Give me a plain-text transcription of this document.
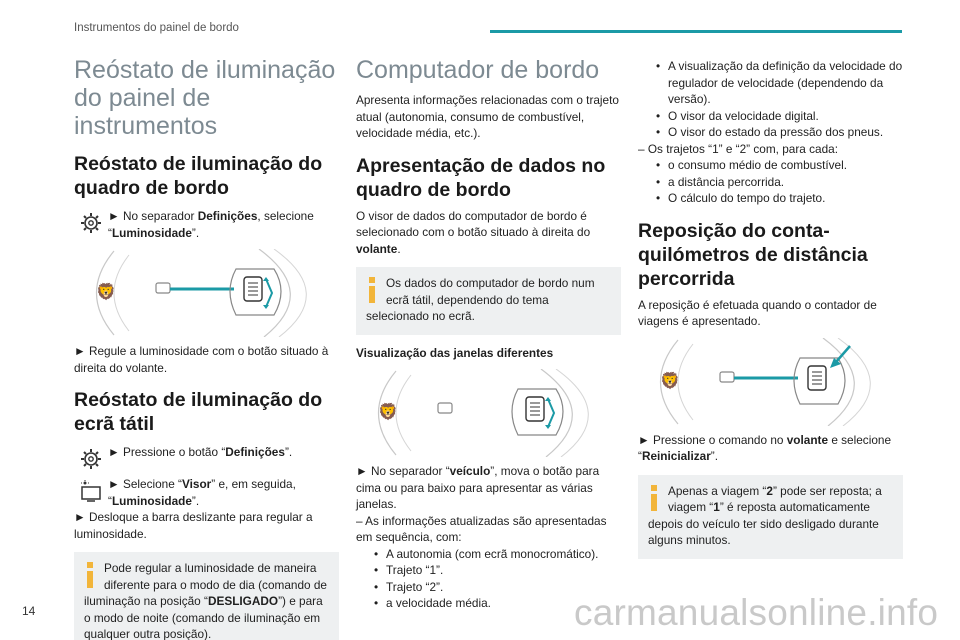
Instrumentos do painel de bordo
Reóstato de iluminação do painel de instrumentos
Reóstato de iluminação do quadro de bordo
► No separador Definições, selecione “Luminosidade”.
🦁

► Regule a luminosidade com o botão situado à direita do volante.

Reóstato de iluminação do ecrã tátil
► Pressione o botão “Definições”.
► Selecione “Visor” e, em seguida, “Luminosidade”.

► Desloque a barra deslizante para regular a luminosidade.

Pode regular a luminosidade de maneira diferente para o modo de dia (comando de iluminação na posição “DESLIGADO”) e para o modo de noite (comando de iluminação em qualquer outra posição).
Computador de bordo

Apresenta informações relacionadas com o trajeto atual (autonomia, consumo de combustível, velocidade média, etc.).

Apresentação de dados no quadro de bordo

O visor de dados do computador de bordo é selecionado com o botão situado à direita do volante.

Os dados do computador de bordo num ecrã tátil, dependendo do tema selecionado no ecrã.

Visualização das janelas diferentes

🦁

► No separador “veículo”, mova o botão para cima ou para baixo para apresentar as várias janelas.

– As informações atualizadas são apresentadas em sequência, com:

• A autonomia (com ecrã monocromático).
• Trajeto “1”.
• Trajeto “2”.
• a velocidade média.
• A visualização da definição da velocidade do regulador de velocidade (dependendo da versão).
• O visor da velocidade digital.
• O visor do estado da pressão dos pneus.

– Os trajetos “1” e “2” com, para cada:

• o consumo médio de combustível.
• a distância percorrida.
• O cálculo do tempo do trajeto.
Reposição do conta-quilómetros de distância percorrida

A reposição é efetuada quando o contador de viagens é apresentado.

🦁

► Pressione o comando no volante e selecione “Reinicializar”.

Apenas a viagem “2” pode ser reposta; a viagem “1” é reposta automaticamente depois do veículo ter sido desligado durante alguns minutos.
14	carmanualsonline.info
